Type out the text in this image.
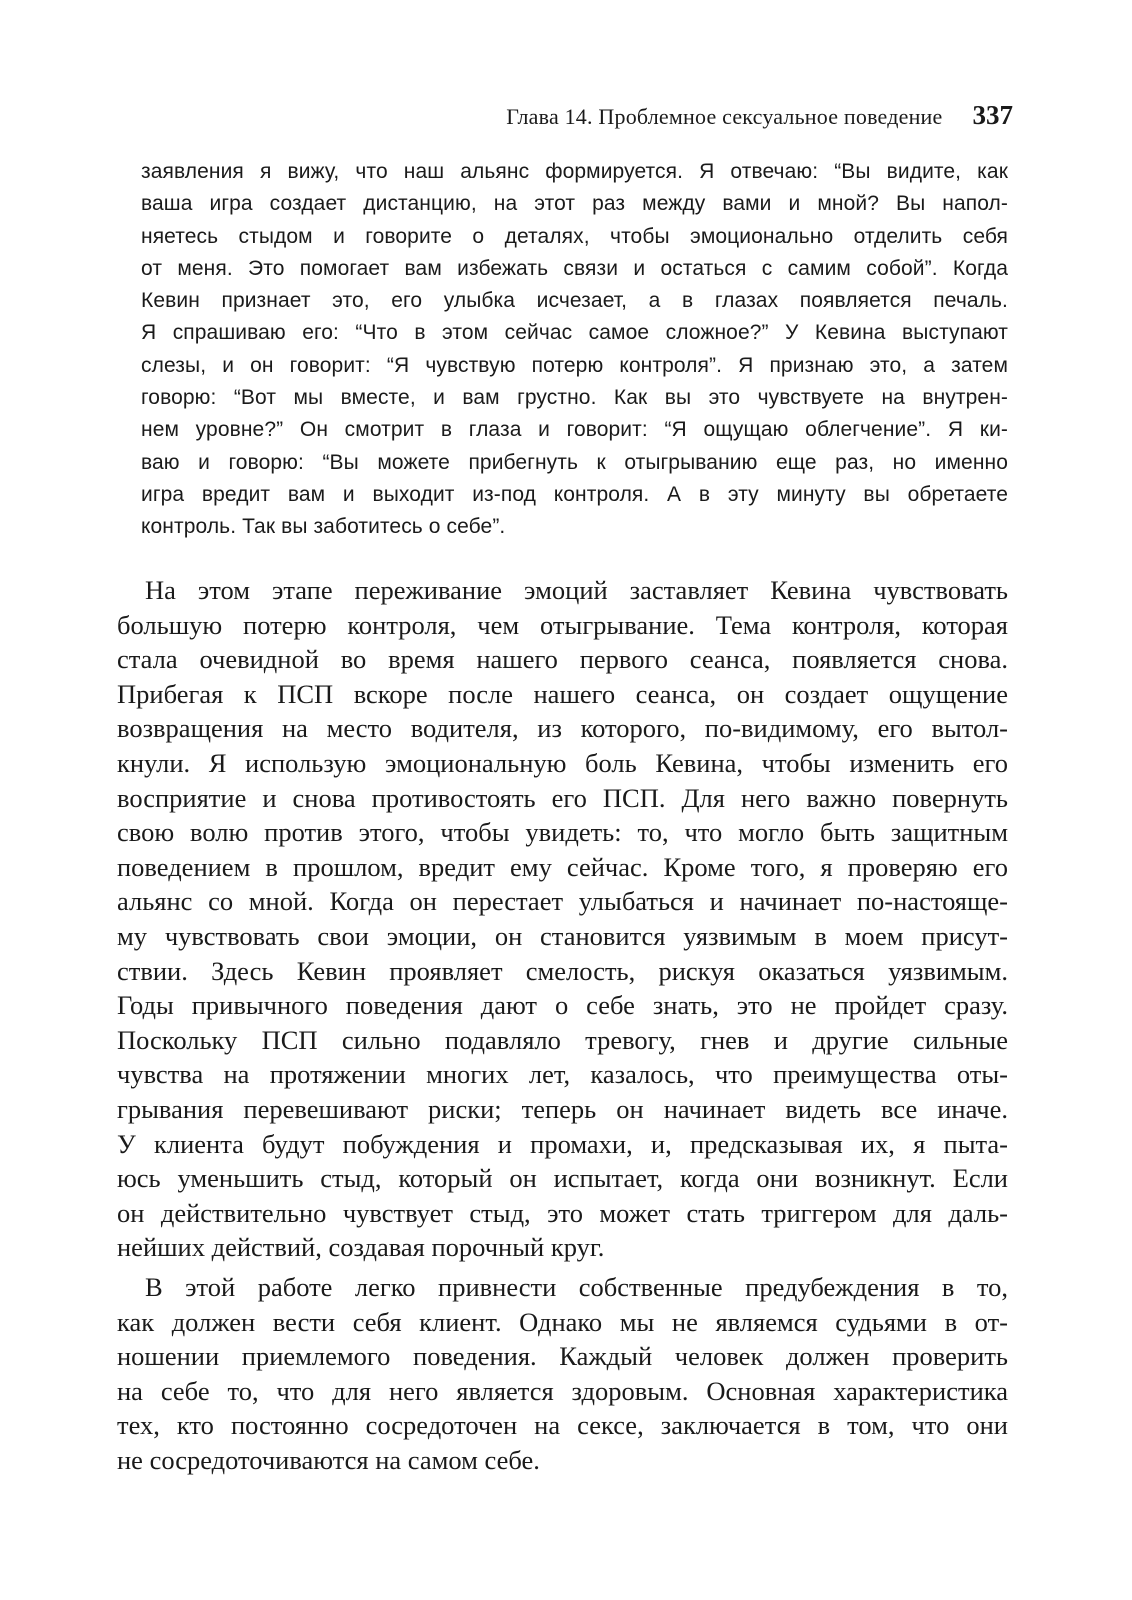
Глава 14. Проблемное сексуальное поведение 337
заявления я вижу, что наш альянс формируется. Я отвечаю: “Вы видите, как
ваша игра создает дистанцию, на этот раз между вами и мной? Вы напол-
няетесь стыдом и говорите о деталях, чтобы эмоционально отделить себя
от меня. Это помогает вам избежать связи и остаться с самим собой”. Когда
Кевин признает это, его улыбка исчезает, а в глазах появляется печаль.
Я спрашиваю его: “Что в этом сейчас самое сложное?” У Кевина выступают
слезы, и он говорит: “Я чувствую потерю контроля”. Я признаю это, а затем
говорю: “Вот мы вместе, и вам грустно. Как вы это чувствуете на внутрен-
нем уровне?” Он смотрит в глаза и говорит: “Я ощущаю облегчение”. Я ки-
ваю и говорю: “Вы можете прибегнуть к отыгрыванию еще раз, но именно
игра вредит вам и выходит из-под контроля. А в эту минуту вы обретаете
контроль. Так вы заботитесь о себе”.
На этом этапе переживание эмоций заставляет Кевина чувствовать
большую потерю контроля, чем отыгрывание. Тема контроля, которая
стала очевидной во время нашего первого сеанса, появляется снова.
Прибегая к ПСП вскоре после нашего сеанса, он создает ощущение
возвращения на место водителя, из которого, по-видимому, его вытол-
кнули. Я использую эмоциональную боль Кевина, чтобы изменить его
восприятие и снова противостоять его ПСП. Для него важно повернуть
свою волю против этого, чтобы увидеть: то, что могло быть защитным
поведением в прошлом, вредит ему сейчас. Кроме того, я проверяю его
альянс со мной. Когда он перестает улыбаться и начинает по-настояще-
му чувствовать свои эмоции, он становится уязвимым в моем присут-
ствии. Здесь Кевин проявляет смелость, рискуя оказаться уязвимым.
Годы привычного поведения дают о себе знать, это не пройдет сразу.
Поскольку ПСП сильно подавляло тревогу, гнев и другие сильные
чувства на протяжении многих лет, казалось, что преимущества оты-
грывания перевешивают риски; теперь он начинает видеть все иначе.
У клиента будут побуждения и промахи, и, предсказывая их, я пыта-
юсь уменьшить стыд, который он испытает, когда они возникнут. Если
он действительно чувствует стыд, это может стать триггером для даль-
нейших действий, создавая порочный круг.
В этой работе легко привнести собственные предубеждения в то,
как должен вести себя клиент. Однако мы не являемся судьями в от-
ношении приемлемого поведения. Каждый человек должен проверить
на себе то, что для него является здоровым. Основная характеристика
тех, кто постоянно сосредоточен на сексе, заключается в том, что они
не сосредоточиваются на самом себе.
